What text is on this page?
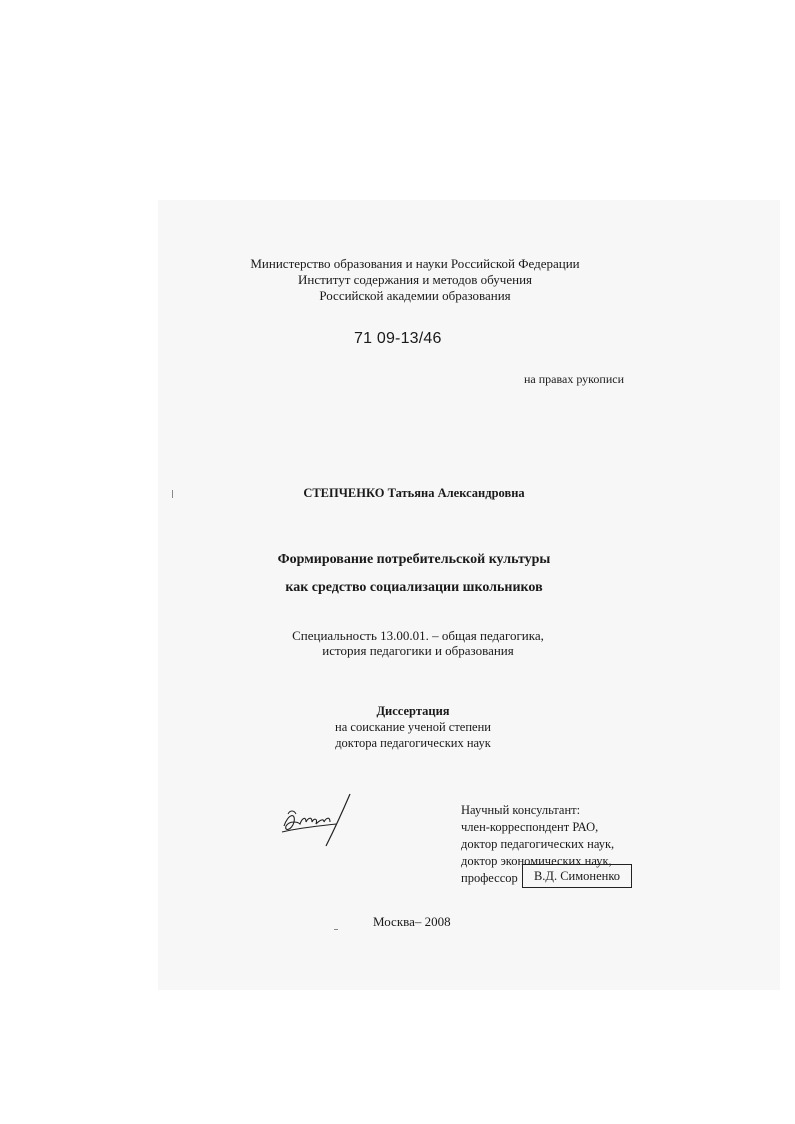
Министерство образования и науки Российской Федерации
Институт содержания и методов обучения
Российской академии образования
71 09-13/46
на правах рукописи
СТЕПЧЕНКО Татьяна Александровна
Формирование потребительской культуры
как средство социализации школьников
Специальность 13.00.01. – общая педагогика,
история педагогики и образования
Диссертация
на соискание ученой степени
доктора педагогических наук
Научный консультант:
член-корреспондент РАО,
доктор педагогических наук,
доктор экономических наук,
профессор	В.Д. Симоненко
Москва– 2008
